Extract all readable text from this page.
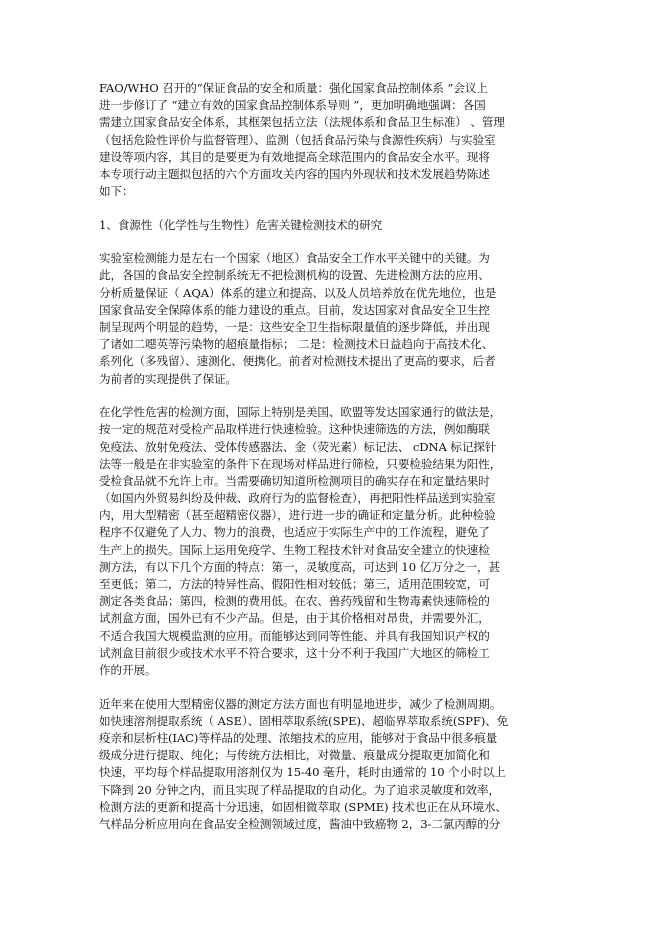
FAO/WHO 召开的“保证食品的安全和质量：强化国家食品控制体系 ”会议上
进一步修订了 “建立有效的国家食品控制体系导则 ”，更加明确地强调：各国
需建立国家食品安全体系，其框架包括立法（法规体系和食品卫生标准） 、管理
（包括危险性评价与监督管理）、监测（包括食品污染与食源性疾病）与实验室
建设等项内容，其目的是要更为有效地提高全球范围内的食品安全水平。现将
本专项行动主题拟包括的六个方面攻关内容的国内外现状和技术发展趋势陈述
如下：
1、食源性（化学性与生物性）危害关键检测技术的研究
实验室检测能力是左右一个国家（地区）食品安全工作水平关键中的关键。为
此，各国的食品安全控制系统无不把检测机构的设置、先进检测方法的应用、
分析质量保证（ AQA）体系的建立和提高、以及人员培养放在优先地位，也是
国家食品安全保障体系的能力建设的重点。目前，发达国家对食品安全卫生控
制呈现两个明显的趋势，一是：这些安全卫生指标限量值的逐步降低，并出现
了诸如二噁英等污染物的超痕量指标； 二是：检测技术日益趋向于高技术化、
系列化（多残留）、速测化、便携化。前者对检测技术提出了更高的要求，后者
为前者的实现提供了保证。
在化学性危害的检测方面，国际上特别是美国、欧盟等发达国家通行的做法是，
按一定的规范对受检产品取样进行快速检验。这种快速筛选的方法，例如酶联
免疫法、放射免疫法、受体传感器法、金（荧光素）标记法、 cDNA 标记探针
法等一般是在非实验室的条件下在现场对样品进行筛检，只要检验结果为阳性，
受检食品就不允许上市。当需要确切知道所检测项目的确实存在和定量结果时
（如国内外贸易纠纷及仲裁、政府行为的监督检查），再把阳性样品送到实验室
内，用大型精密（甚至超精密仪器），进行进一步的确证和定量分析。此种检验
程序不仅避免了人力、物力的浪费，也适应于实际生产中的工作流程，避免了
生产上的损失。国际上运用免疫学、生物工程技术针对食品安全建立的快速检
测方法，有以下几个方面的特点：第一，灵敏度高，可达到 10 亿万分之一，甚
至更低；第二，方法的特异性高、假阳性相对较低；第三，适用范围较宽，可
测定各类食品；第四，检测的费用低。在农、兽药残留和生物毒素快速筛检的
试剂盒方面，国外已有不少产品。但是，由于其价格相对昂贵，并需要外汇，
不适合我国大规模监测的应用。而能够达到同等性能、并具有我国知识产权的
试剂盒目前很少或技术水平不符合要求，这十分不利于我国广大地区的筛检工
作的开展。
近年来在使用大型精密仪器的测定方法方面也有明显地进步，减少了检测周期。
如快速溶剂提取系统（ ASE）、固相萃取系统(SPE)、超临界萃取系统(SPF)、免
疫亲和层析柱(IAC)等样品的处理、浓缩技术的应用，能够对于食品中很多痕量
级成分进行提取、纯化；与传统方法相比，对微量、痕量成分提取更加简化和
快速，平均每个样品提取用溶剂仅为 15-40 毫升，耗时由通常的 10 个小时以上
下降到 20 分钟之内，而且实现了样品提取的自动化。为了追求灵敏度和效率，
检测方法的更新和提高十分迅速，如固相微萃取 (SPME) 技术也正在从环境水、
气样品分析应用向在食品安全检测领域过度，酱油中致癌物 2，3-二氯丙醇的分
